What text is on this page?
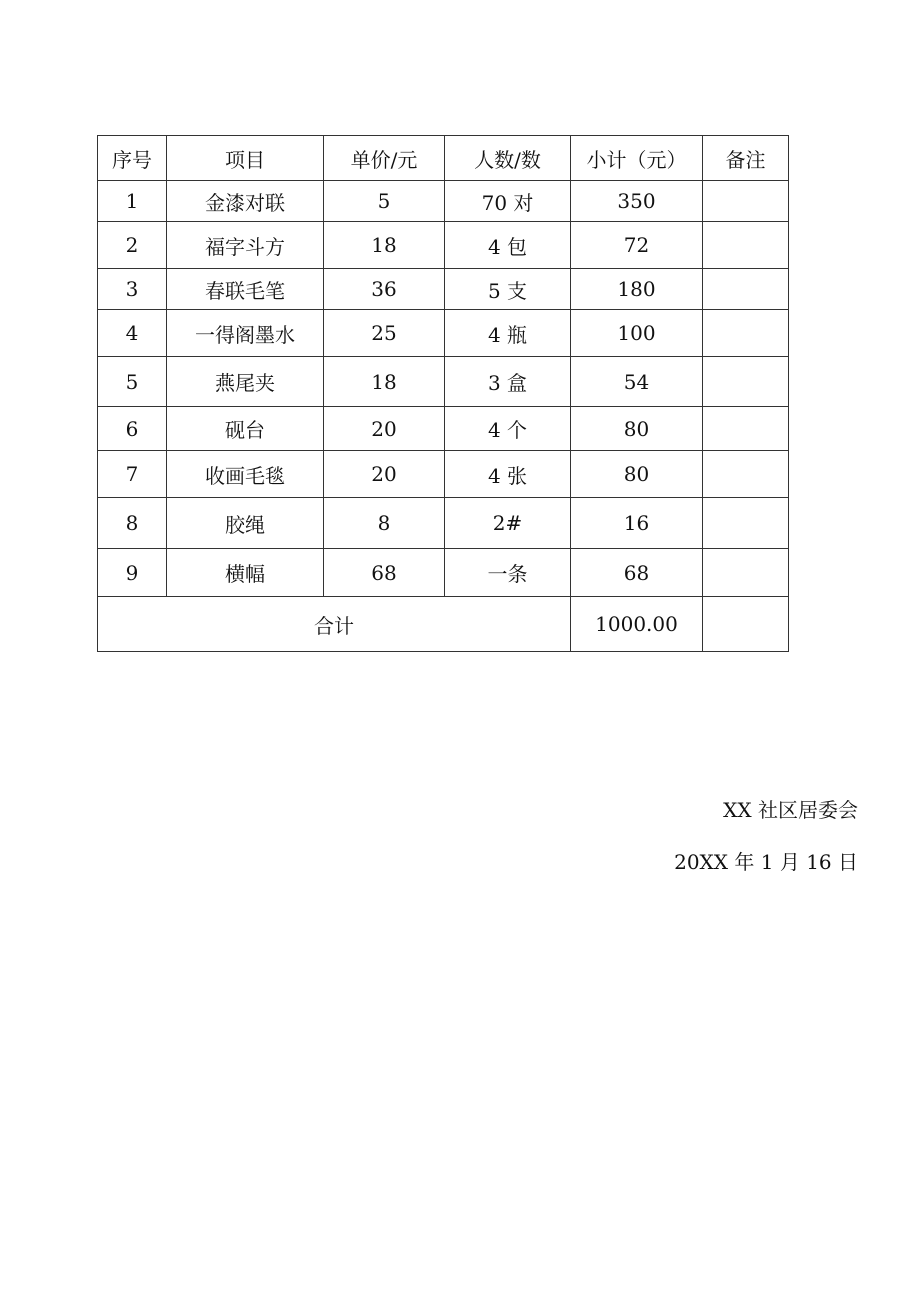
序号	项目	单价/元	人数/数	小计（元）	备注
1	金漆对联	5	70 对	350	
2	福字斗方	18	4 包	72	
3	春联毛笔	36	5 支	180	
4	一得阁墨水	25	4 瓶	100	
5	燕尾夹	18	3 盒	54	
6	砚台	20	4 个	80	
7	收画毛毯	20	4 张	80	
8	胶绳	8	2#	16	
9	横幅	68	一条	68	
合计				1000.00	
XX 社区居委会
20XX 年 1 月 16 日
